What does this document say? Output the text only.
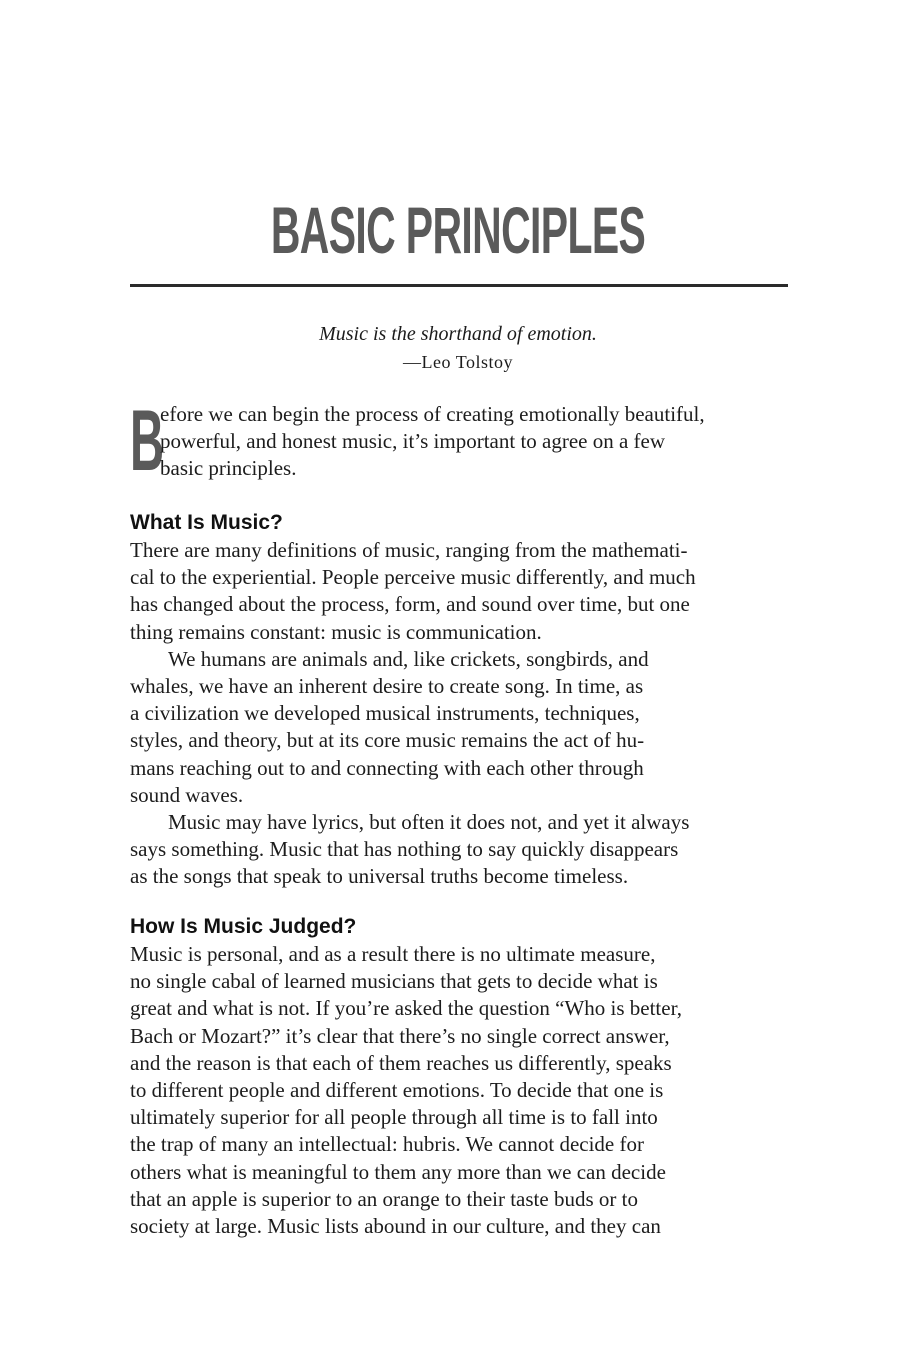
BASIC PRINCIPLES
Music is the shorthand of emotion.
—Leo Tolstoy
B
efore we can begin the process of creating emotionally beautiful,
powerful, and honest music, it’s important to agree on a few
basic principles.
What Is Music?

There are many definitions of music, ranging from the mathemati-
cal to the experiential. People perceive music differently, and much
has changed about the process, form, and sound over time, but one
thing remains constant: music is communication.

We humans are animals and, like crickets, songbirds, and
whales, we have an inherent desire to create song. In time, as
a civilization we developed musical instruments, techniques,
styles, and theory, but at its core music remains the act of hu-
mans reaching out to and connecting with each other through
sound waves.

Music may have lyrics, but often it does not, and yet it always
says something. Music that has nothing to say quickly disappears
as the songs that speak to universal truths become timeless.

How Is Music Judged?

Music is personal, and as a result there is no ultimate measure,
no single cabal of learned musicians that gets to decide what is
great and what is not. If you’re asked the question “Who is better,
Bach or Mozart?” it’s clear that there’s no single correct answer,
and the reason is that each of them reaches us differently, speaks
to different people and different emotions. To decide that one is
ultimately superior for all people through all time is to fall into
the trap of many an intellectual: hubris. We cannot decide for
others what is meaningful to them any more than we can decide
that an apple is superior to an orange to their taste buds or to
society at large. Music lists abound in our culture, and they can
